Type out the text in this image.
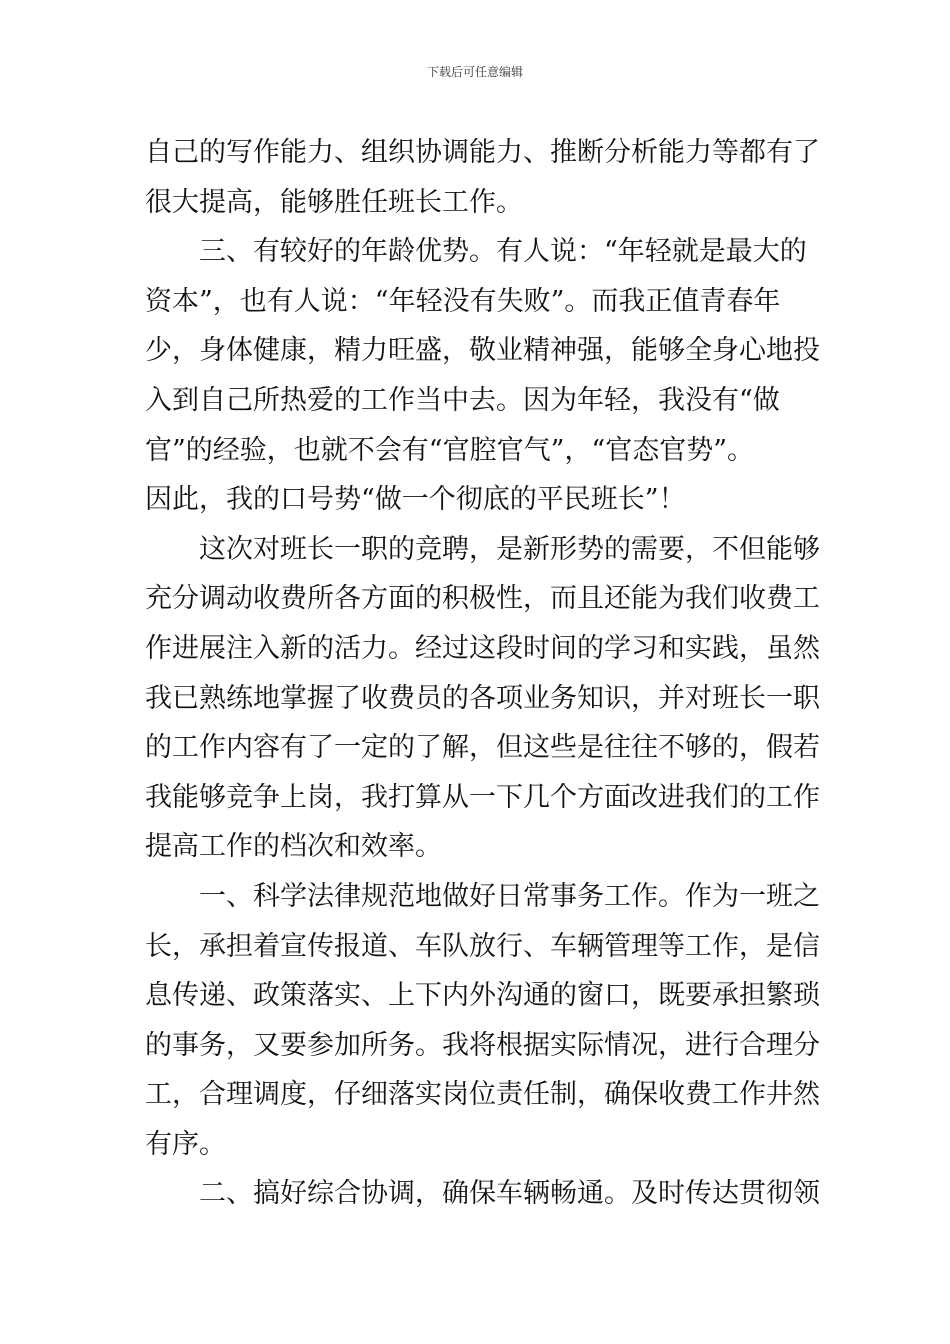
下载后可任意编辑
自己的写作能力、组织协调能力、推断分析能力等都有了
很大提高，能够胜任班长工作。
三、有较好的年龄优势。有人说：“年轻就是最大的
资本”，也有人说：“年轻没有失败”。而我正值青春年
少，身体健康，精力旺盛，敬业精神强，能够全身心地投
入到自己所热爱的工作当中去。因为年轻，我没有“做
官”的经验，也就不会有“官腔官气”，“官态官势”。
因此，我的口号势“做一个彻底的平民班长”！
这次对班长一职的竞聘，是新形势的需要，不但能够
充分调动收费所各方面的积极性，而且还能为我们收费工
作进展注入新的活力。经过这段时间的学习和实践，虽然
我已熟练地掌握了收费员的各项业务知识，并对班长一职
的工作内容有了一定的了解，但这些是往往不够的，假若
我能够竞争上岗，我打算从一下几个方面改进我们的工作
提高工作的档次和效率。
一、科学法律规范地做好日常事务工作。作为一班之
长，承担着宣传报道、车队放行、车辆管理等工作，是信
息传递、政策落实、上下内外沟通的窗口，既要承担繁琐
的事务，又要参加所务。我将根据实际情况，进行合理分
工，合理调度，仔细落实岗位责任制，确保收费工作井然
有序。
二、搞好综合协调，确保车辆畅通。及时传达贯彻领
